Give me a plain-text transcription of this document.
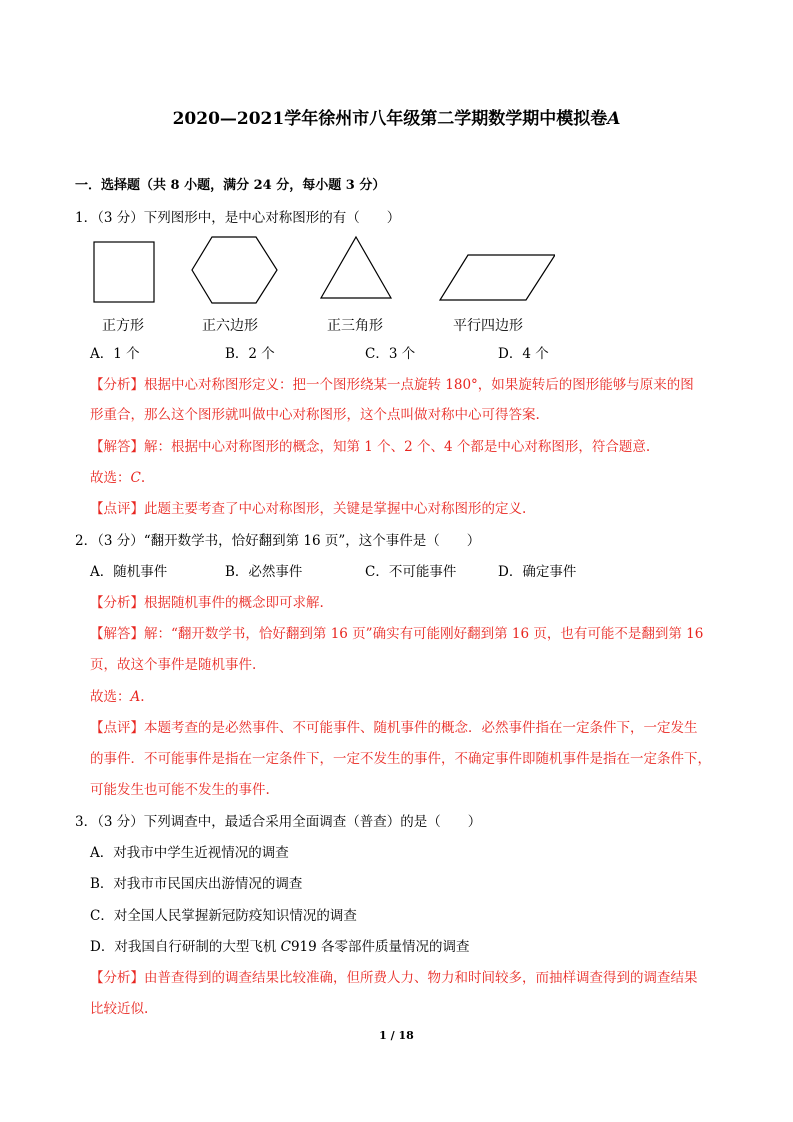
2020—2021学年徐州市八年级第二学期数学期中模拟卷A
一．选择题（共 8 小题，满分 24 分，每小题 3 分）
1．（3 分）下列图形中，是中心对称图形的有（　　）
正方形	正六边形	正三角形	平行四边形
A．1 个	B．2 个	C．3 个	D．4 个
【分析】根据中心对称图形定义：把一个图形绕某一点旋转 180°，如果旋转后的图形能够与原来的图
形重合，那么这个图形就叫做中心对称图形，这个点叫做对称中心可得答案.
【解答】解：根据中心对称图形的概念，知第 1 个、2 个、4 个都是中心对称图形，符合题意.
故选：C.
【点评】此题主要考查了中心对称图形，关键是掌握中心对称图形的定义.
2．（3 分）“翻开数学书，恰好翻到第 16 页”，这个事件是（　　）
A．随机事件	B．必然事件	C．不可能事件	D．确定事件
【分析】根据随机事件的概念即可求解.
【解答】解：“翻开数学书，恰好翻到第 16 页”确实有可能刚好翻到第 16 页，也有可能不是翻到第 16
页，故这个事件是随机事件.
故选：A.
【点评】本题考查的是必然事件、不可能事件、随机事件的概念．必然事件指在一定条件下，一定发生
的事件．不可能事件是指在一定条件下，一定不发生的事件，不确定事件即随机事件是指在一定条件下，
可能发生也可能不发生的事件.
3．（3 分）下列调查中，最适合采用全面调查（普查）的是（　　）
A．对我市中学生近视情况的调查
B．对我市市民国庆出游情况的调查
C．对全国人民掌握新冠防疫知识情况的调查
D．对我国自行研制的大型飞机 C919 各零部件质量情况的调查
【分析】由普查得到的调查结果比较准确，但所费人力、物力和时间较多，而抽样调查得到的调查结果
比较近似.
1 / 18
